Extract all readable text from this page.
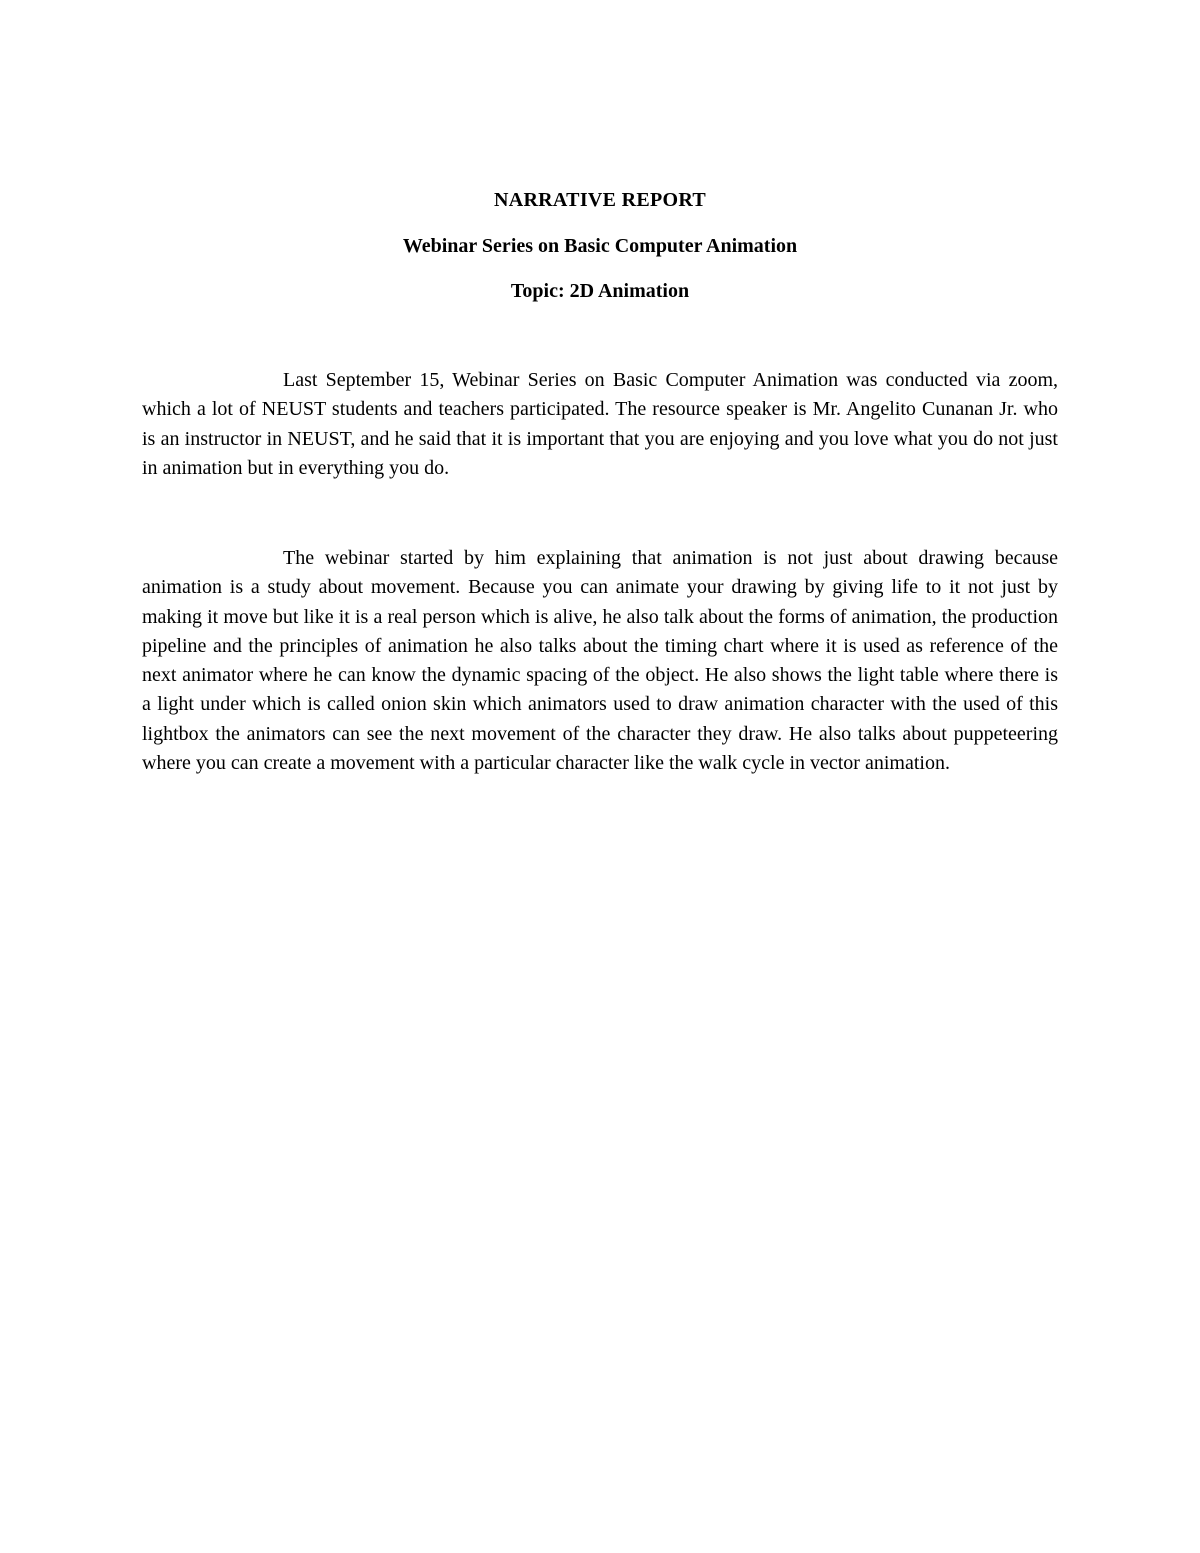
NARRATIVE REPORT
Webinar Series on Basic Computer Animation
Topic: 2D Animation

Last September 15, Webinar Series on Basic Computer Animation was conducted via zoom, which a lot of NEUST students and teachers participated. The resource speaker is Mr. Angelito Cunanan Jr. who is an instructor in NEUST, and he said that it is important that you are enjoying and you love what you do not just in animation but in everything you do.

The webinar started by him explaining that animation is not just about drawing because animation is a study about movement. Because you can animate your drawing by giving life to it not just by making it move but like it is a real person which is alive, he also talk about the forms of animation, the production pipeline and the principles of animation he also talks about the timing chart where it is used as reference of the next animator where he can know the dynamic spacing of the object. He also shows the light table where there is a light under which is called onion skin which animators used to draw animation character with the used of this lightbox the animators can see the next movement of the character they draw. He also talks about puppeteering where you can create a movement with a particular character like the walk cycle in vector animation.
